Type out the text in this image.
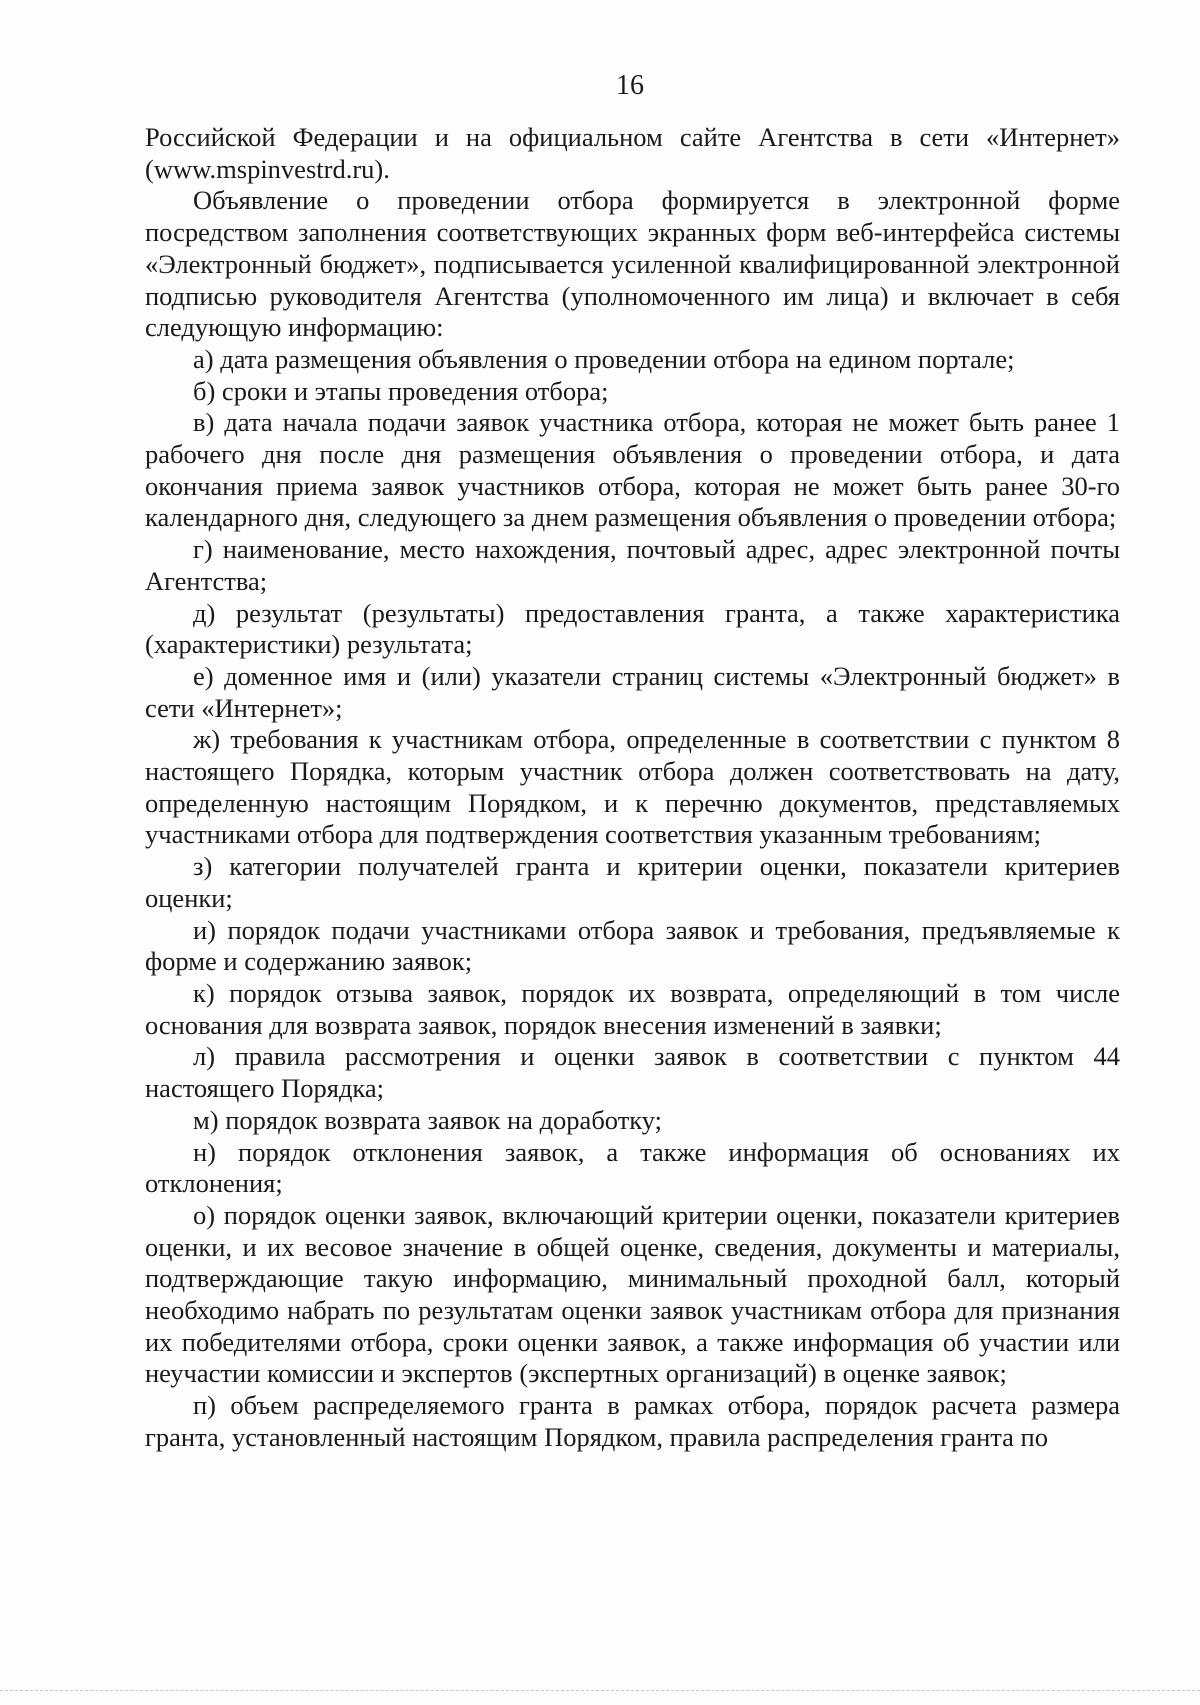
16

Российской Федерации и на официальном сайте Агентства в сети «Интернет» (www.mspinvestrd.ru).

Объявление о проведении отбора формируется в электронной форме посредством заполнения соответствующих экранных форм веб-интерфейса системы «Электронный бюджет», подписывается усиленной квалифицированной электронной подписью руководителя Агентства (уполномоченного им лица) и включает в себя следующую информацию:

а) дата размещения объявления о проведении отбора на едином портале;

б) сроки и этапы проведения отбора;

в) дата начала подачи заявок участника отбора, которая не может быть ранее 1 рабочего дня после дня размещения объявления о проведении отбора, и дата окончания приема заявок участников отбора, которая не может быть ранее 30-го календарного дня, следующего за днем размещения объявления о проведении отбора;

г) наименование, место нахождения, почтовый адрес, адрес электронной почты Агентства;

д) результат (результаты) предоставления гранта, а также характеристика (характеристики) результата;

е) доменное имя и (или) указатели страниц системы «Электронный бюджет» в сети «Интернет»;

ж) требования к участникам отбора, определенные в соответствии с пунктом 8 настоящего Порядка, которым участник отбора должен соответствовать на дату, определенную настоящим Порядком, и к перечню документов, представляемых участниками отбора для подтверждения соответствия указанным требованиям;

з) категории получателей гранта и критерии оценки, показатели критериев оценки;

и) порядок подачи участниками отбора заявок и требования, предъявляемые к форме и содержанию заявок;

к) порядок отзыва заявок, порядок их возврата, определяющий в том числе основания для возврата заявок, порядок внесения изменений в заявки;

л) правила рассмотрения и оценки заявок в соответствии с пунктом 44 настоящего Порядка;

м) порядок возврата заявок на доработку;

н) порядок отклонения заявок, а также информация об основаниях их отклонения;

о) порядок оценки заявок, включающий критерии оценки, показатели критериев оценки, и их весовое значение в общей оценке, сведения, документы и материалы, подтверждающие такую информацию, минимальный проходной балл, который необходимо набрать по результатам оценки заявок участникам отбора для признания их победителями отбора, сроки оценки заявок, а также информация об участии или неучастии комиссии и экспертов (экспертных организаций) в оценке заявок;

п) объем распределяемого гранта в рамках отбора, порядок расчета размера гранта, установленный настоящим Порядком, правила распределения гранта по
